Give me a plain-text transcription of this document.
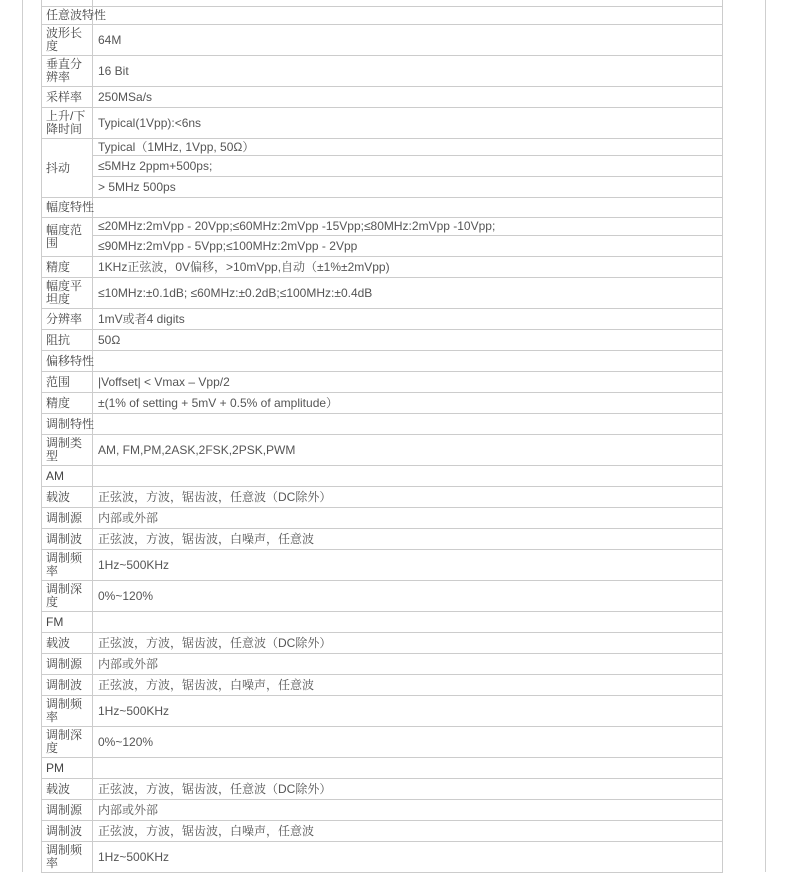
任意波特性	
波形长度	64M
垂直分辨率	16 Bit
采样率	250MSa/s
上升/下降时间	Typical(1Vpp):<6ns
抖动	Typical（1MHz, 1Vpp, 50Ω）
	≤5MHz 2ppm+500ps;
	> 5MHz 500ps
幅度特性	
幅度范围	≤20MHz:2mVpp - 20Vpp;≤60MHz:2mVpp -15Vpp;≤80MHz:2mVpp -10Vpp;
	≤90MHz:2mVpp - 5Vpp;≤100MHz:2mVpp - 2Vpp
精度	1KHz正弦波，0V偏移，>10mVpp,自动（±1%±2mVpp)
幅度平坦度	≤10MHz:±0.1dB; ≤60MHz:±0.2dB;≤100MHz:±0.4dB
分辨率	1mV或者4 digits
阻抗	50Ω
偏移特性	
范围	|Voffset| < Vmax – Vpp/2
精度	±(1% of setting + 5mV + 0.5% of amplitude）
调制特性	
调制类型	AM, FM,PM,2ASK,2FSK,2PSK,PWM
AM	
载波	正弦波，方波，锯齿波，任意波（DC除外）
调制源	内部或外部
调制波	正弦波，方波，锯齿波，白噪声，任意波
调制频率	1Hz~500KHz
调制深度	0%~120%
FM	
载波	正弦波，方波，锯齿波，任意波（DC除外）
调制源	内部或外部
调制波	正弦波，方波，锯齿波，白噪声，任意波
调制频率	1Hz~500KHz
调制深度	0%~120%
PM	
载波	正弦波，方波，锯齿波，任意波（DC除外）
调制源	内部或外部
调制波	正弦波，方波，锯齿波，白噪声，任意波
调制频率	1Hz~500KHz
